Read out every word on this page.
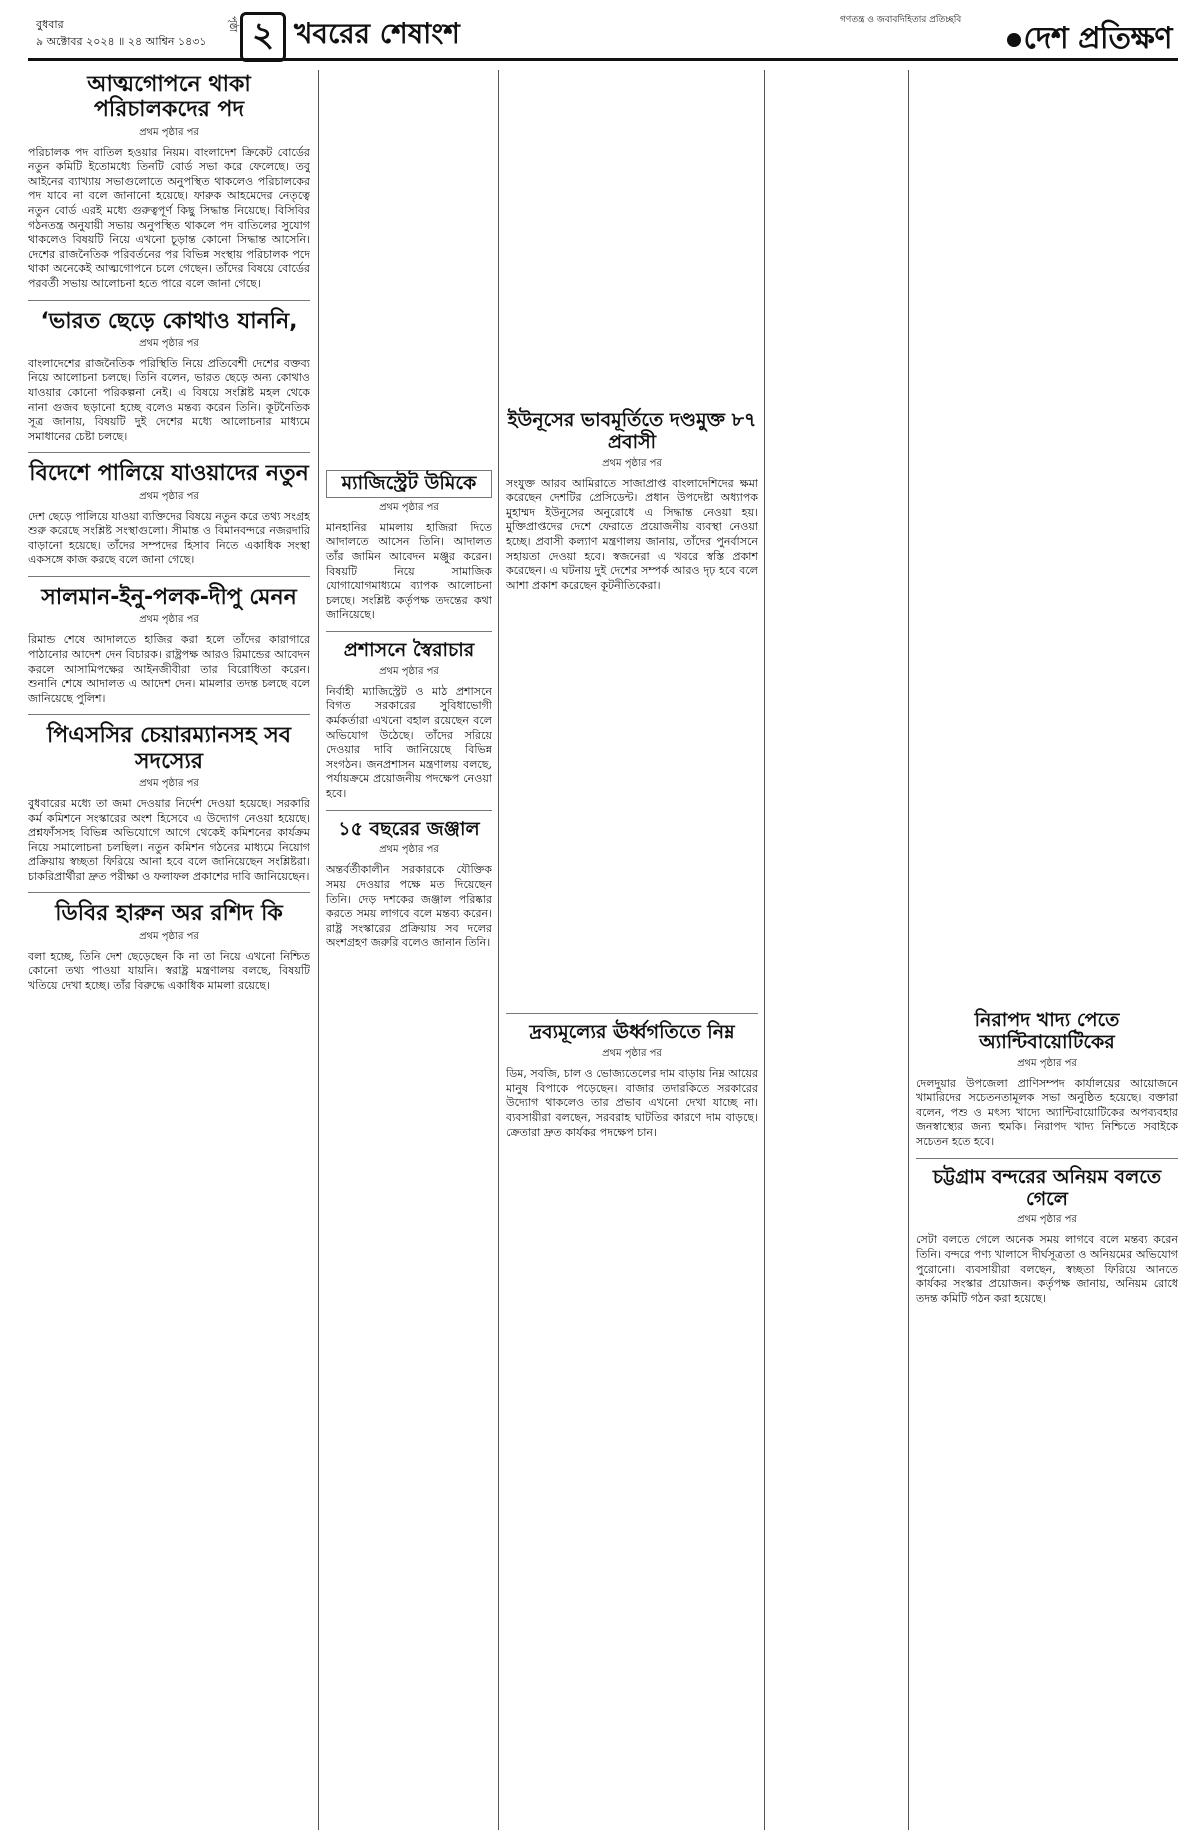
বুধবার
৯ অক্টোবর ২০২৪ ॥ ২৪ আশ্বিন ১৪৩১
পৃষ্ঠা ২ খবরের শেষাংশ	গণতন্ত্র ও জবাবদিহিতার প্রতিচ্ছবি
দেশ প্রতিক্ষণ
আত্মগোপনে থাকা পরিচালকদের পদ
প্রথম পৃষ্ঠার পর

পরিচালক পদ বাতিল হওয়ার নিয়ম। বাংলাদেশ ক্রিকেট বোর্ডের নতুন কমিটি ইতোমধ্যে তিনটি বোর্ড সভা করে ফেলেছে। তবু আইনের ব্যাখ্যায় সভাগুলোতে অনুপস্থিত থাকলেও পরিচালকের পদ যাবে না বলে জানানো হয়েছে। ফারুক আহমেদের নেতৃত্বে নতুন বোর্ড এরই মধ্যে গুরুত্বপূর্ণ কিছু সিদ্ধান্ত নিয়েছে। বিসিবির গঠনতন্ত্র অনুযায়ী সভায় অনুপস্থিত থাকলে পদ বাতিলের সুযোগ থাকলেও বিষয়টি নিয়ে এখনো চূড়ান্ত কোনো সিদ্ধান্ত আসেনি। দেশের রাজনৈতিক পরিবর্তনের পর বিভিন্ন সংস্থায় পরিচালক পদে থাকা অনেকেই আত্মগোপনে চলে গেছেন। তাঁদের বিষয়ে বোর্ডের পরবর্তী সভায় আলোচনা হতে পারে বলে জানা গেছে।

‘ভারত ছেড়ে কোথাও যাননি,
প্রথম পৃষ্ঠার পর

বাংলাদেশের রাজনৈতিক পরিস্থিতি নিয়ে প্রতিবেশী দেশের বক্তব্য নিয়ে আলোচনা চলছে। তিনি বলেন, ভারত ছেড়ে অন্য কোথাও যাওয়ার কোনো পরিকল্পনা নেই। এ বিষয়ে সংশ্লিষ্ট মহল থেকে নানা গুজব ছড়ানো হচ্ছে বলেও মন্তব্য করেন তিনি। কূটনৈতিক সূত্র জানায়, বিষয়টি দুই দেশের মধ্যে আলোচনার মাধ্যমে সমাধানের চেষ্টা চলছে।

বিদেশে পালিয়ে যাওয়াদের নতুন
প্রথম পৃষ্ঠার পর

দেশ ছেড়ে পালিয়ে যাওয়া ব্যক্তিদের বিষয়ে নতুন করে তথ্য সংগ্রহ শুরু করেছে সংশ্লিষ্ট সংস্থাগুলো। সীমান্ত ও বিমানবন্দরে নজরদারি বাড়ানো হয়েছে। তাঁদের সম্পদের হিসাব নিতে একাধিক সংস্থা একসঙ্গে কাজ করছে বলে জানা গেছে।

সালমান-ইনু-পলক-দীপু মেনন
প্রথম পৃষ্ঠার পর

রিমান্ড শেষে আদালতে হাজির করা হলে তাঁদের কারাগারে পাঠানোর আদেশ দেন বিচারক। রাষ্ট্রপক্ষ আরও রিমান্ডের আবেদন করলে আসামিপক্ষের আইনজীবীরা তার বিরোধিতা করেন। শুনানি শেষে আদালত এ আদেশ দেন। মামলার তদন্ত চলছে বলে জানিয়েছে পুলিশ।

পিএসসির চেয়ারম্যানসহ সব সদস্যের
প্রথম পৃষ্ঠার পর

বুধবারের মধ্যে তা জমা দেওয়ার নির্দেশ দেওয়া হয়েছে। সরকারি কর্ম কমিশনে সংস্কারের অংশ হিসেবে এ উদ্যোগ নেওয়া হয়েছে। প্রশ্নফাঁসসহ বিভিন্ন অভিযোগে আগে থেকেই কমিশনের কার্যক্রম নিয়ে সমালোচনা চলছিল। নতুন কমিশন গঠনের মাধ্যমে নিয়োগ প্রক্রিয়ায় স্বচ্ছতা ফিরিয়ে আনা হবে বলে জানিয়েছেন সংশ্লিষ্টরা। চাকরিপ্রার্থীরা দ্রুত পরীক্ষা ও ফলাফল প্রকাশের দাবি জানিয়েছেন।

ডিবির হারুন অর রশিদ কি
প্রথম পৃষ্ঠার পর

বলা হচ্ছে, তিনি দেশ ছেড়েছেন কি না তা নিয়ে এখনো নিশ্চিত কোনো তথ্য পাওয়া যায়নি। স্বরাষ্ট্র মন্ত্রণালয় বলছে, বিষয়টি খতিয়ে দেখা হচ্ছে। তাঁর বিরুদ্ধে একাধিক মামলা রয়েছে।

ম্যাজিস্ট্রেট উমিকে
প্রথম পৃষ্ঠার পর

মানহানির মামলায় হাজিরা দিতে আদালতে আসেন তিনি। আদালত তাঁর জামিন আবেদন মঞ্জুর করেন। বিষয়টি নিয়ে সামাজিক যোগাযোগমাধ্যমে ব্যাপক আলোচনা চলছে। সংশ্লিষ্ট কর্তৃপক্ষ তদন্তের কথা জানিয়েছে।

প্রশাসনে স্বৈরাচার
প্রথম পৃষ্ঠার পর

নির্বাহী ম্যাজিস্ট্রেট ও মাঠ প্রশাসনে বিগত সরকারের সুবিধাভোগী কর্মকর্তারা এখনো বহাল রয়েছেন বলে অভিযোগ উঠেছে। তাঁদের সরিয়ে দেওয়ার দাবি জানিয়েছে বিভিন্ন সংগঠন। জনপ্রশাসন মন্ত্রণালয় বলছে, পর্যায়ক্রমে প্রয়োজনীয় পদক্ষেপ নেওয়া হবে।

১৫ বছরের জঞ্জাল
প্রথম পৃষ্ঠার পর

অন্তর্বর্তীকালীন সরকারকে যৌক্তিক সময় দেওয়ার পক্ষে মত দিয়েছেন তিনি। দেড় দশকের জঞ্জাল পরিষ্কার করতে সময় লাগবে বলে মন্তব্য করেন। রাষ্ট্র সংস্কারের প্রক্রিয়ায় সব দলের অংশগ্রহণ জরুরি বলেও জানান তিনি।

ইউনূসের ভাবমূর্তিতে দণ্ডমুক্ত ৮৭ প্রবাসী
প্রথম পৃষ্ঠার পর

সংযুক্ত আরব আমিরাতে সাজাপ্রাপ্ত বাংলাদেশিদের ক্ষমা করেছেন দেশটির প্রেসিডেন্ট। প্রধান উপদেষ্টা অধ্যাপক মুহাম্মদ ইউনূসের অনুরোধে এ সিদ্ধান্ত নেওয়া হয়। মুক্তিপ্রাপ্তদের দেশে ফেরাতে প্রয়োজনীয় ব্যবস্থা নেওয়া হচ্ছে। প্রবাসী কল্যাণ মন্ত্রণালয় জানায়, তাঁদের পুনর্বাসনে সহায়তা দেওয়া হবে। স্বজনেরা এ খবরে স্বস্তি প্রকাশ করেছেন। এ ঘটনায় দুই দেশের সম্পর্ক আরও দৃঢ় হবে বলে আশা প্রকাশ করেছেন কূটনীতিকেরা।

দ্রব্যমূল্যের ঊর্ধ্বগতিতে নিম্ন
প্রথম পৃষ্ঠার পর

ডিম, সবজি, চাল ও ভোজ্যতেলের দাম বাড়ায় নিম্ন আয়ের মানুষ বিপাকে পড়েছেন। বাজার তদারকিতে সরকারের উদ্যোগ থাকলেও তার প্রভাব এখনো দেখা যাচ্ছে না। ব্যবসায়ীরা বলছেন, সরবরাহ ঘাটতির কারণে দাম বাড়ছে। ক্রেতারা দ্রুত কার্যকর পদক্ষেপ চান।

নিরাপদ খাদ্য পেতে অ্যান্টিবায়োটিকের
প্রথম পৃষ্ঠার পর

দেলদুয়ার উপজেলা প্রাণিসম্পদ কার্যালয়ের আয়োজনে খামারিদের সচেতনতামূলক সভা অনুষ্ঠিত হয়েছে। বক্তারা বলেন, পশু ও মৎস্য খাদ্যে অ্যান্টিবায়োটিকের অপব্যবহার জনস্বাস্থ্যের জন্য হুমকি। নিরাপদ খাদ্য নিশ্চিতে সবাইকে সচেতন হতে হবে।

চট্টগ্রাম বন্দরের অনিয়ম বলতে গেলে
প্রথম পৃষ্ঠার পর

সেটা বলতে গেলে অনেক সময় লাগবে বলে মন্তব্য করেন তিনি। বন্দরে পণ্য খালাসে দীর্ঘসূত্রতা ও অনিয়মের অভিযোগ পুরোনো। ব্যবসায়ীরা বলছেন, স্বচ্ছতা ফিরিয়ে আনতে কার্যকর সংস্কার প্রয়োজন। কর্তৃপক্ষ জানায়, অনিয়ম রোধে তদন্ত কমিটি গঠন করা হয়েছে।
